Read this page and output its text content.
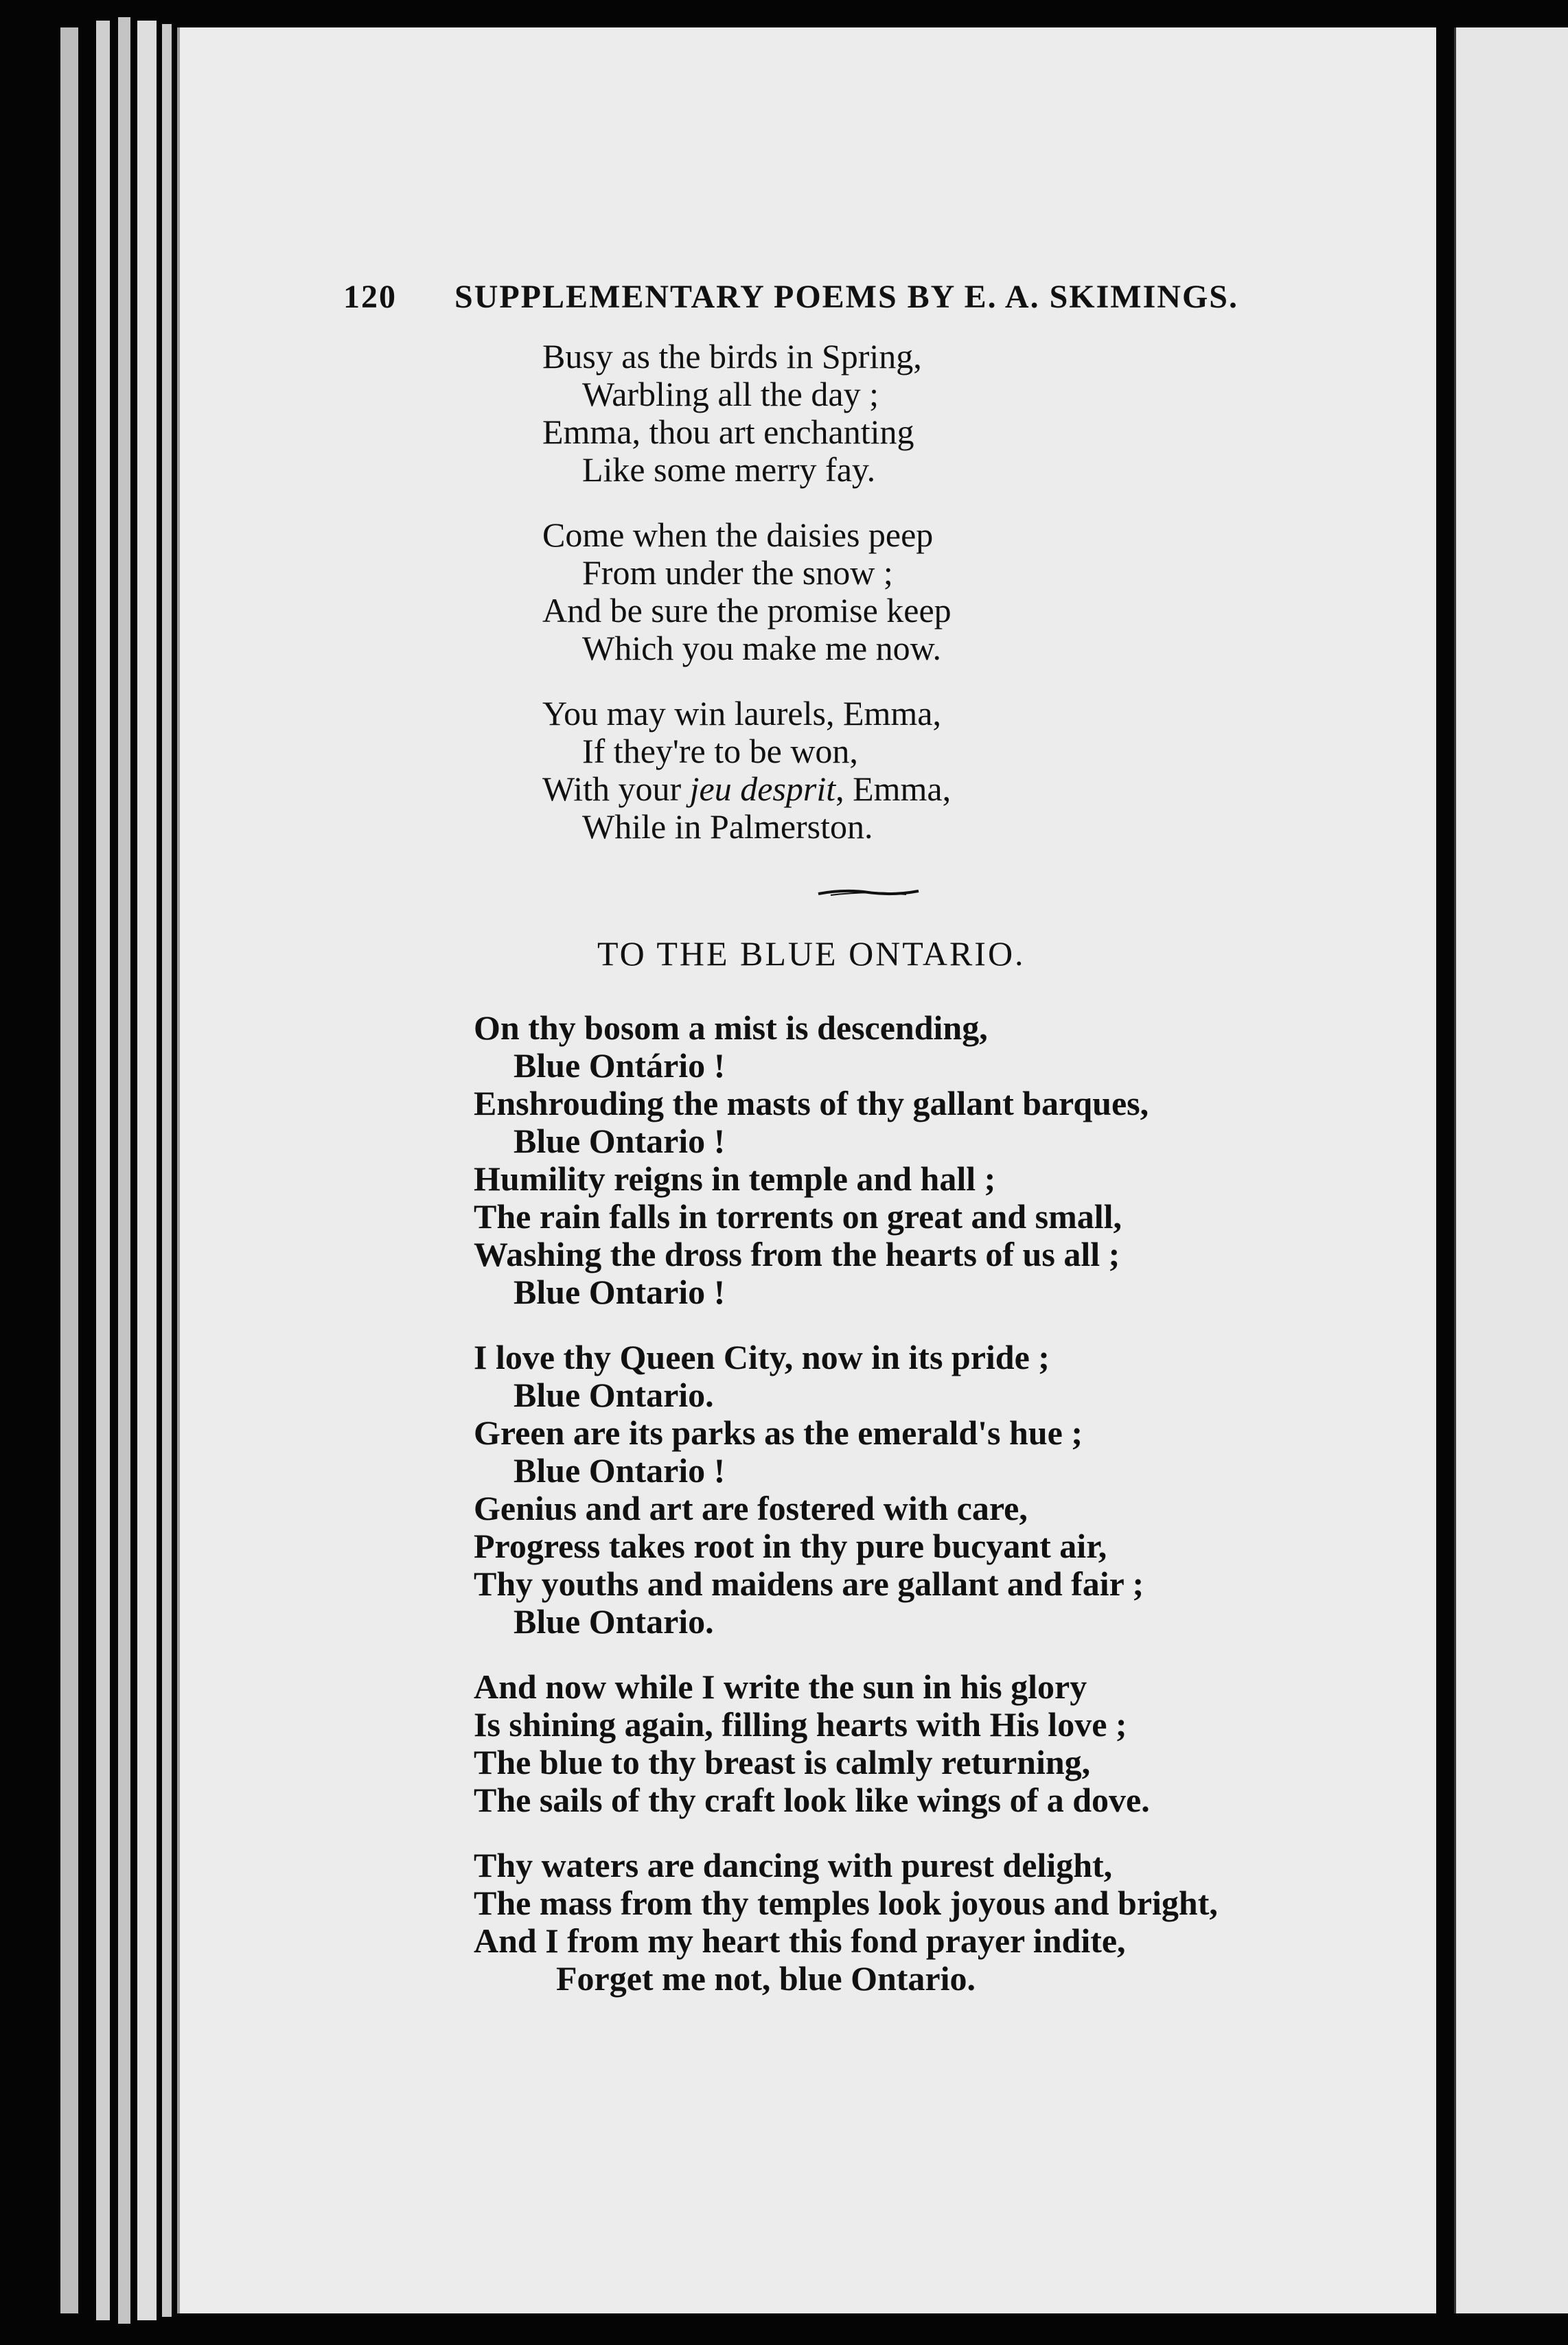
120 SUPPLEMENTARY POEMS BY E. A. SKIMINGS.
Busy as the birds in Spring,
Warbling all the day ;
Emma, thou art enchanting
Like some merry fay.
Come when the daisies peep
From under the snow ;
And be sure the promise keep
Which you make me now.
You may win laurels, Emma,
If they're to be won,
With your jeu desprit, Emma,
While in Palmerston.
TO THE BLUE ONTARIO.
On thy bosom a mist is descending,
Blue Ontário !
Enshrouding the masts of thy gallant barques,
Blue Ontario !
Humility reigns in temple and hall ;
The rain falls in torrents on great and small,
Washing the dross from the hearts of us all ;
Blue Ontario !
I love thy Queen City, now in its pride ;
Blue Ontario.
Green are its parks as the emerald's hue ;
Blue Ontario !
Genius and art are fostered with care,
Progress takes root in thy pure bucyant air,
Thy youths and maidens are gallant and fair ;
Blue Ontario.
And now while I write the sun in his glory
Is shining again, filling hearts with His love ;
The blue to thy breast is calmly returning,
The sails of thy craft look like wings of a dove.
Thy waters are dancing with purest delight,
The mass from thy temples look joyous and bright,
And I from my heart this fond prayer indite,
Forget me not, blue Ontario.
